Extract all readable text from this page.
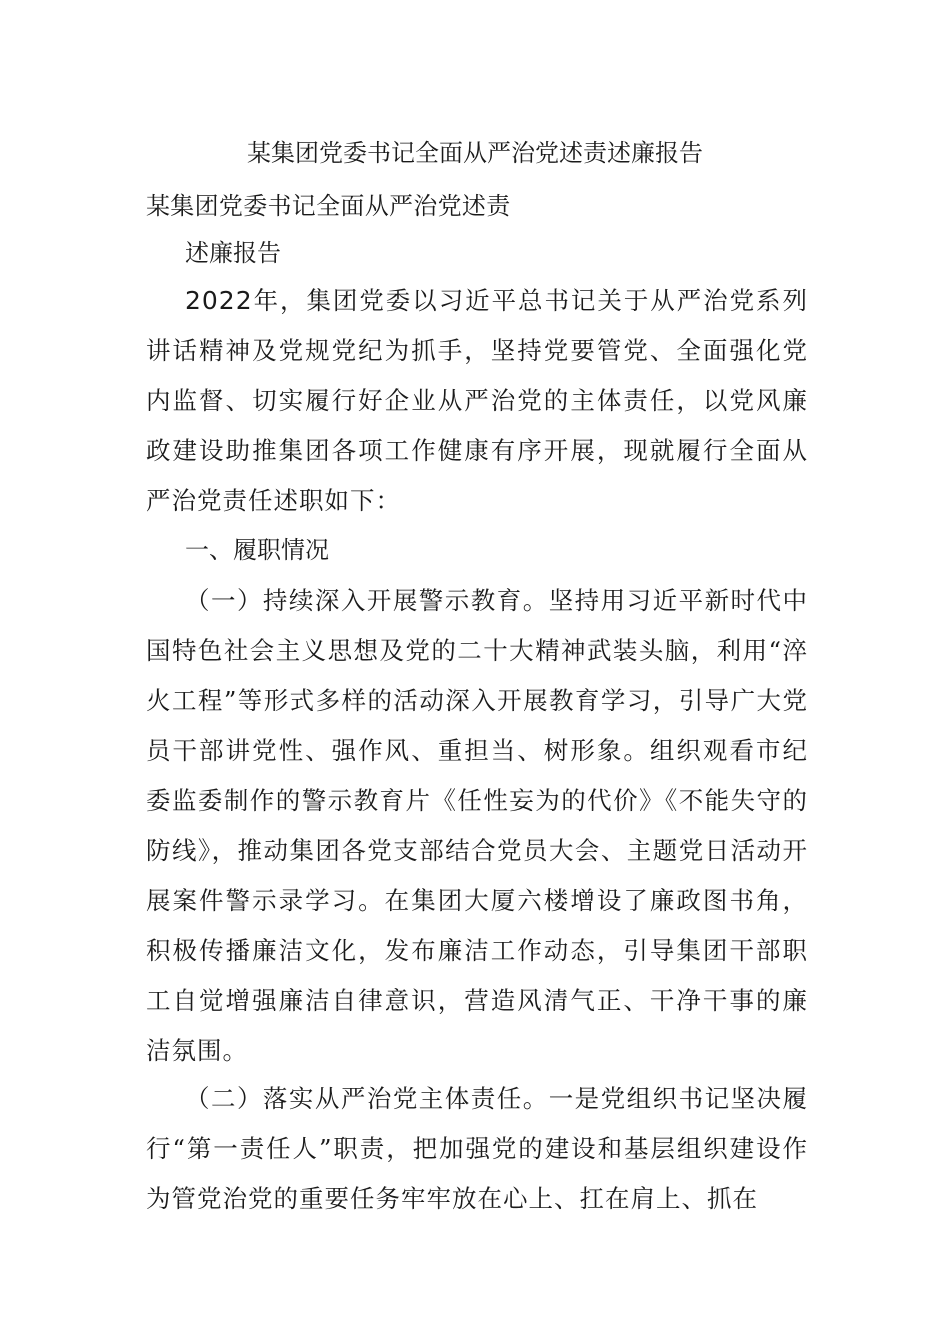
某集团党委书记全面从严治党述责述廉报告

某集团党委书记全面从严治党述责

述廉报告

2022年，集团党委以习近平总书记关于从严治党系列讲话精神及党规党纪为抓手，坚持党要管党、全面强化党内监督、切实履行好企业从严治党的主体责任，以党风廉政建设助推集团各项工作健康有序开展，现就履行全面从严治党责任述职如下：

一、履职情况

（一）持续深入开展警示教育。坚持用习近平新时代中国特色社会主义思想及党的二十大精神武装头脑，利用“淬火工程”等形式多样的活动深入开展教育学习，引导广大党员干部讲党性、强作风、重担当、树形象。组织观看市纪委监委制作的警示教育片《任性妄为的代价》《不能失守的防线》，推动集团各党支部结合党员大会、主题党日活动开展案件警示录学习。在集团大厦六楼增设了廉政图书角，积极传播廉洁文化，发布廉洁工作动态，引导集团干部职工自觉增强廉洁自律意识，营造风清气正、干净干事的廉洁氛围。

（二）落实从严治党主体责任。一是党组织书记坚决履行“第一责任人”职责，把加强党的建设和基层组织建设作为管党治党的重要任务牢牢放在心上、扛在肩上、抓在
